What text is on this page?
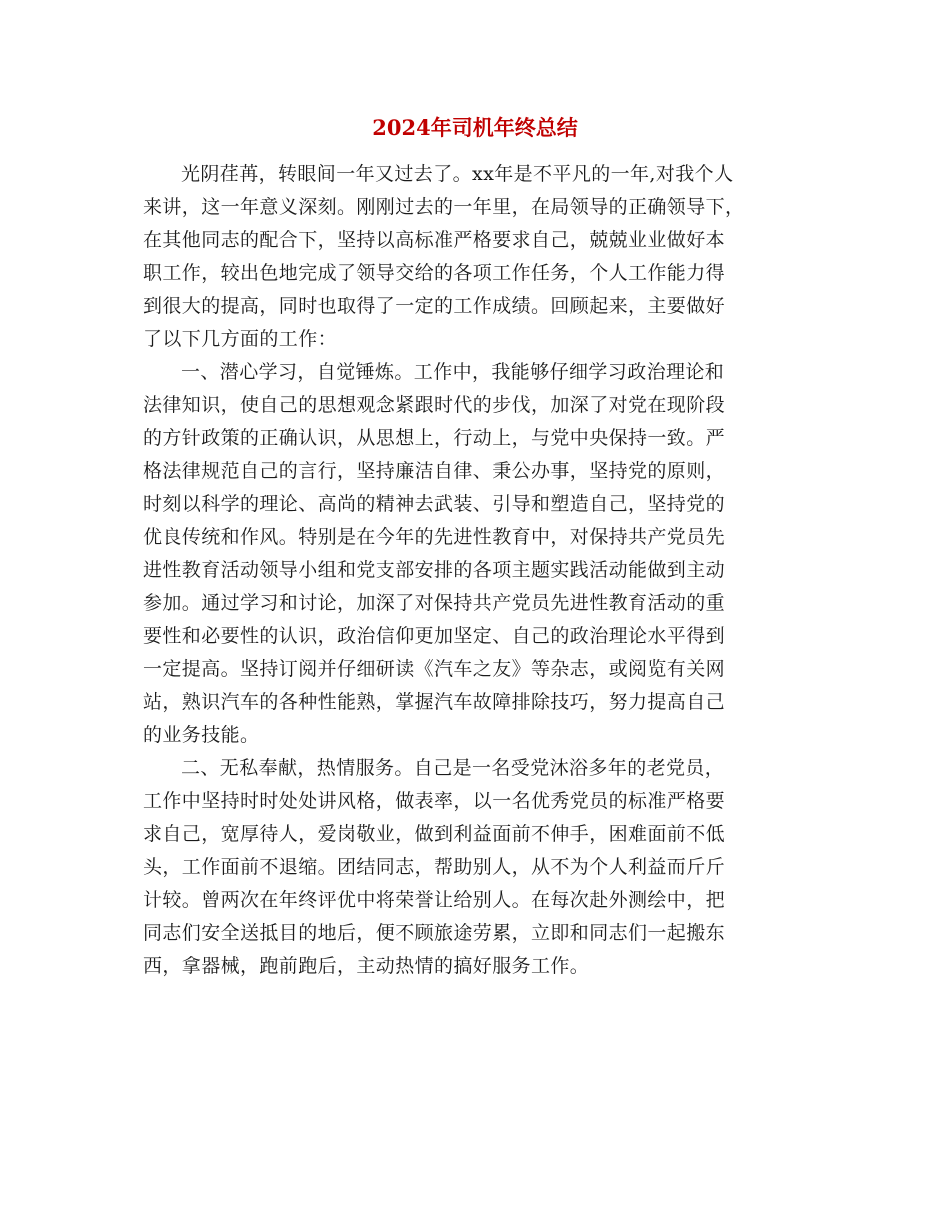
2024年司机年终总结

光阴荏苒，转眼间一年又过去了。xx年是不平凡的一年,对我个人

来讲，这一年意义深刻。刚刚过去的一年里，在局领导的正确领导下，

在其他同志的配合下，坚持以高标准严格要求自己，兢兢业业做好本

职工作，较出色地完成了领导交给的各项工作任务，个人工作能力得

到很大的提高，同时也取得了一定的工作成绩。回顾起来，主要做好

了以下几方面的工作：

一、潜心学习，自觉锤炼。工作中，我能够仔细学习政治理论和

法律知识，使自己的思想观念紧跟时代的步伐，加深了对党在现阶段

的方针政策的正确认识，从思想上，行动上，与党中央保持一致。严

格法律规范自己的言行，坚持廉洁自律、秉公办事，坚持党的原则，

时刻以科学的理论、高尚的精神去武装、引导和塑造自己，坚持党的

优良传统和作风。特别是在今年的先进性教育中，对保持共产党员先

进性教育活动领导小组和党支部安排的各项主题实践活动能做到主动

参加。通过学习和讨论，加深了对保持共产党员先进性教育活动的重

要性和必要性的认识，政治信仰更加坚定、自己的政治理论水平得到

一定提高。坚持订阅并仔细研读《汽车之友》等杂志，或阅览有关网

站，熟识汽车的各种性能熟，掌握汽车故障排除技巧，努力提高自己

的业务技能。

二、无私奉献，热情服务。自己是一名受党沐浴多年的老党员，

工作中坚持时时处处讲风格，做表率，以一名优秀党员的标准严格要

求自己，宽厚待人，爱岗敬业，做到利益面前不伸手，困难面前不低

头，工作面前不退缩。团结同志，帮助别人，从不为个人利益而斤斤

计较。曾两次在年终评优中将荣誉让给别人。在每次赴外测绘中，把

同志们安全送抵目的地后，便不顾旅途劳累，立即和同志们一起搬东

西，拿器械，跑前跑后，主动热情的搞好服务工作。
